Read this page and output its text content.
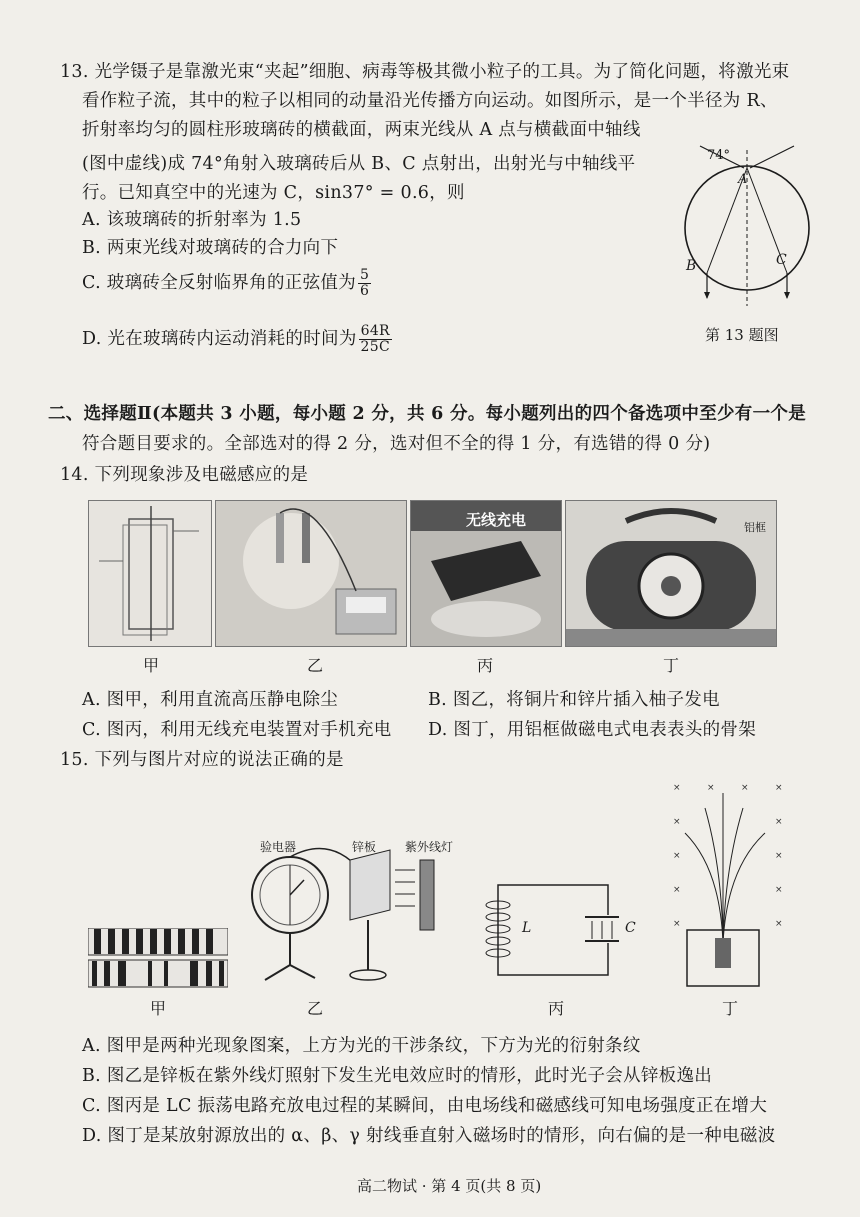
13. 光学镊子是靠激光束“夹起”细胞、病毒等极其微小粒子的工具。为了简化问题，将激光束
看作粒子流，其中的粒子以相同的动量沿光传播方向运动。如图所示，是一个半径为 R、
折射率均匀的圆柱形玻璃砖的横截面，两束光线从 A 点与横截面中轴线
(图中虚线)成 74°角射入玻璃砖后从 B、C 点射出，出射光与中轴线平
行。已知真空中的光速为 C，sin37° = 0.6，则
A. 该玻璃砖的折射率为 1.5
B. 两束光线对玻璃砖的合力向下
C. 玻璃砖全反射临界角的正弦值为 $\frac{5}{6}$
D. 光在玻璃砖内运动消耗的时间为 $\frac{64R}{25C}$
74°
A
B	C
第 13 题图
二、选择题Ⅱ(本题共 3 小题，每小题 2 分，共 6 分。每小题列出的四个备选项中至少有一个是
符合题目要求的。全部选对的得 2 分，选对但不全的得 1 分，有选错的得 0 分)
14. 下列现象涉及电磁感应的是
甲	乙
无线充电
丙
铝框
丁
A. 图甲，利用直流高压静电除尘	B. 图乙，将铜片和锌片插入柚子发电
C. 图丙，利用无线充电装置对手机充电 D. 图丁，用铝框做磁电式电表表头的骨架
15. 下列与图片对应的说法正确的是
甲
验电器	锌板 紫外线灯
乙
L	C
丙
×	×	×	×
×	×
×	×
×	×
×	×
丁
A. 图甲是两种光现象图案，上方为光的干涉条纹，下方为光的衍射条纹
B. 图乙是锌板在紫外线灯照射下发生光电效应时的情形，此时光子会从锌板逸出
C. 图丙是 LC 振荡电路充放电过程的某瞬间，由电场线和磁感线可知电场强度正在增大
D. 图丁是某放射源放出的 α、β、γ 射线垂直射入磁场时的情形，向右偏的是一种电磁波
高二物试 · 第 4 页(共 8 页)
